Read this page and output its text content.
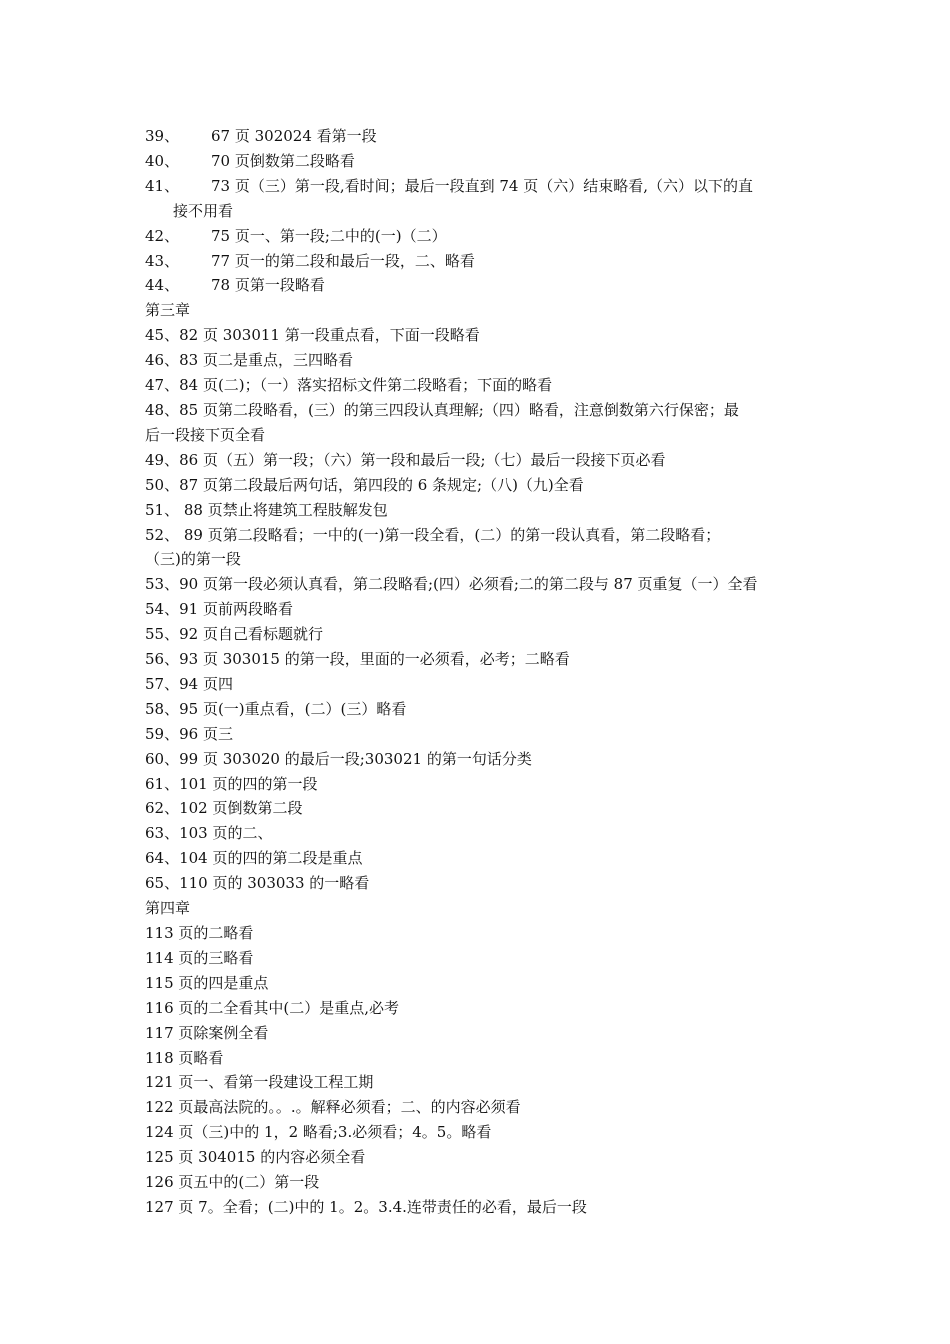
39、 67 页 302024 看第一段
40、 70 页倒数第二段略看
41、 73 页（三）第一段,看时间；最后一段直到 74 页（六）结束略看,（六）以下的直
接不用看
42、 75 页一、第一段;二中的(一)（二）
43、 77 页一的第二段和最后一段，二、略看
44、 78 页第一段略看
第三章
45、82 页 303011 第一段重点看，下面一段略看
46、83 页二是重点，三四略看
47、84 页(二)；（一）落实招标文件第二段略看；下面的略看
48、85 页第二段略看，(三）的第三四段认真理解;（四）略看，注意倒数第六行保密；最
后一段接下页全看
49、86 页（五）第一段；（六）第一段和最后一段;（七）最后一段接下页必看
50、87 页第二段最后两句话，第四段的 6 条规定;（八)（九)全看
51、 88 页禁止将建筑工程肢解发包
52、 89 页第二段略看；一中的(一)第一段全看，(二）的第一段认真看，第二段略看；
（三)的第一段
53、90 页第一段必须认真看，第二段略看;(四）必须看;二的第二段与 87 页重复（一）全看
54、91 页前两段略看
55、92 页自己看标题就行
56、93 页 303015 的第一段，里面的一必须看，必考；二略看
57、94 页四
58、95 页(一)重点看，(二）(三）略看
59、96 页三
60、99 页 303020 的最后一段;303021 的第一句话分类
61、101 页的四的第一段
62、102 页倒数第二段
63、103 页的二、
64、104 页的四的第二段是重点
65、110 页的 303033 的一略看
第四章
113 页的二略看
114 页的三略看
115 页的四是重点
116 页的二全看其中(二）是重点,必考
117 页除案例全看
118 页略看
121 页一、看第一段建设工程工期
122 页最高法院的。。.。解释必须看；二、的内容必须看
124 页（三)中的 1，2 略看;3.必须看；4。5。略看
125 页 304015 的内容必须全看
126 页五中的(二）第一段
127 页 7。全看；(二)中的 1。2。3.4.连带责任的必看，最后一段
